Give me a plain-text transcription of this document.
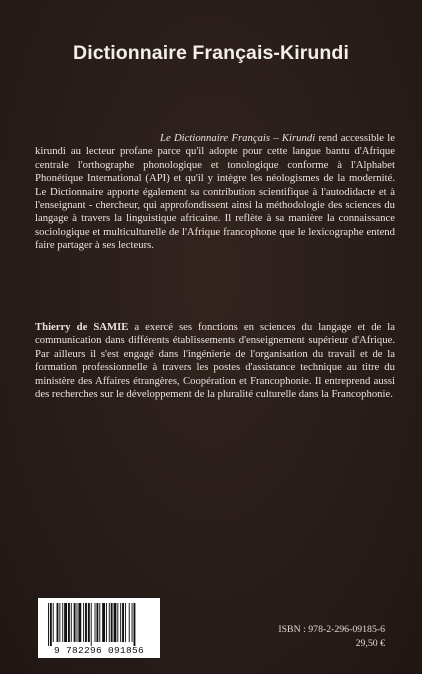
Dictionnaire Français-Kirundi

Le Dictionnaire Français – Kirundi rend accessible le kirundi au lecteur profane parce qu'il adopte pour cette langue bantu d'Afrique centrale l'orthographe phonologique et tonologique conforme à l'Alphabet Phonétique International (API) et qu'il y intègre les néologismes de la modernité. Le Dictionnaire apporte également sa contribution scientifique à l'autodidacte et à l'enseignant - chercheur, qui approfondissent ainsi la méthodologie des sciences du langage à travers la linguistique africaine. Il reflète à sa manière la connaissance sociologique et multiculturelle de l'Afrique francophone que le lexicographe entend faire partager à ses lecteurs.

Thierry de SAMIE a exercé ses fonctions en sciences du langage et de la communication dans différents établissements d'enseignement supérieur d'Afrique. Par ailleurs il s'est engagé dans l'ingénierie de l'organisation du travail et de la formation professionnelle à travers les postes d'assistance technique au titre du ministère des Affaires étrangères, Coopération et Francophonie. Il entreprend aussi des recherches sur le développement de la pluralité culturelle dans la Francophonie.

9 782296 091856
ISBN : 978-2-296-09185-6
29,50 €
